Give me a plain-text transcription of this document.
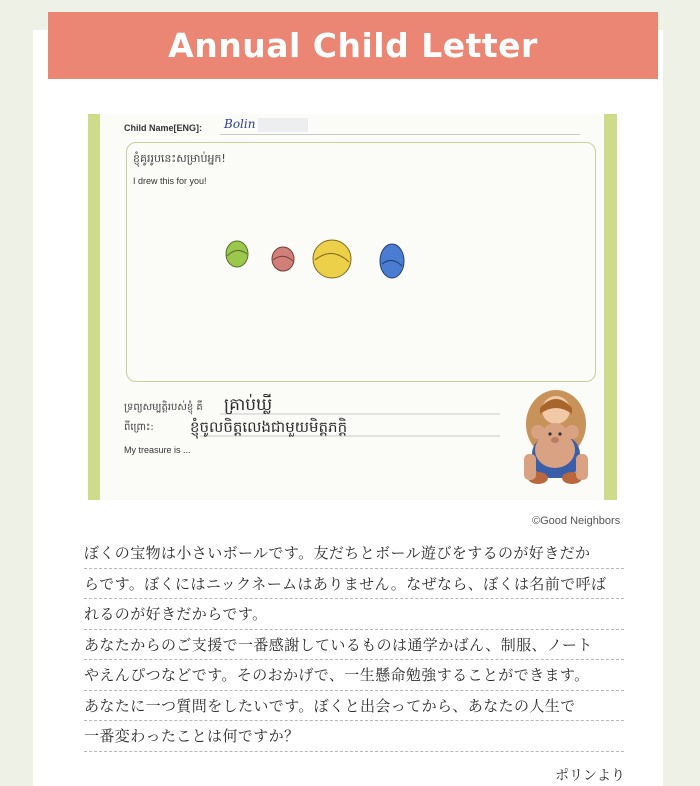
Annual Child Letter
Child Name[ENG]: Bolin
ខ្ញុំគូររូបនេះសម្រាប់អ្នក!
I drew this for you!
ទ្រព្យសម្បត្តិរបស់ខ្ញុំ គឺ
ពីព្រោះ:
My treasure is ...
គ្រាប់ឃ្លី
ខ្ញុំចូលចិត្តលេងជាមួយមិត្តភក្តិ
©Good Neighbors
ぼくの宝物は小さいボールです。友だちとボール遊びをするのが好きだか
らです。ぼくにはニックネームはありません。なぜなら、ぼくは名前で呼ば
れるのが好きだからです。
あなたからのご支援で一番感謝しているものは通学かばん、制服、ノート
やえんぴつなどです。そのおかげで、一生懸命勉強することができます。
あなたに一つ質問をしたいです。ぼくと出会ってから、あなたの人生で
一番変わったことは何ですか？
ポリンより
